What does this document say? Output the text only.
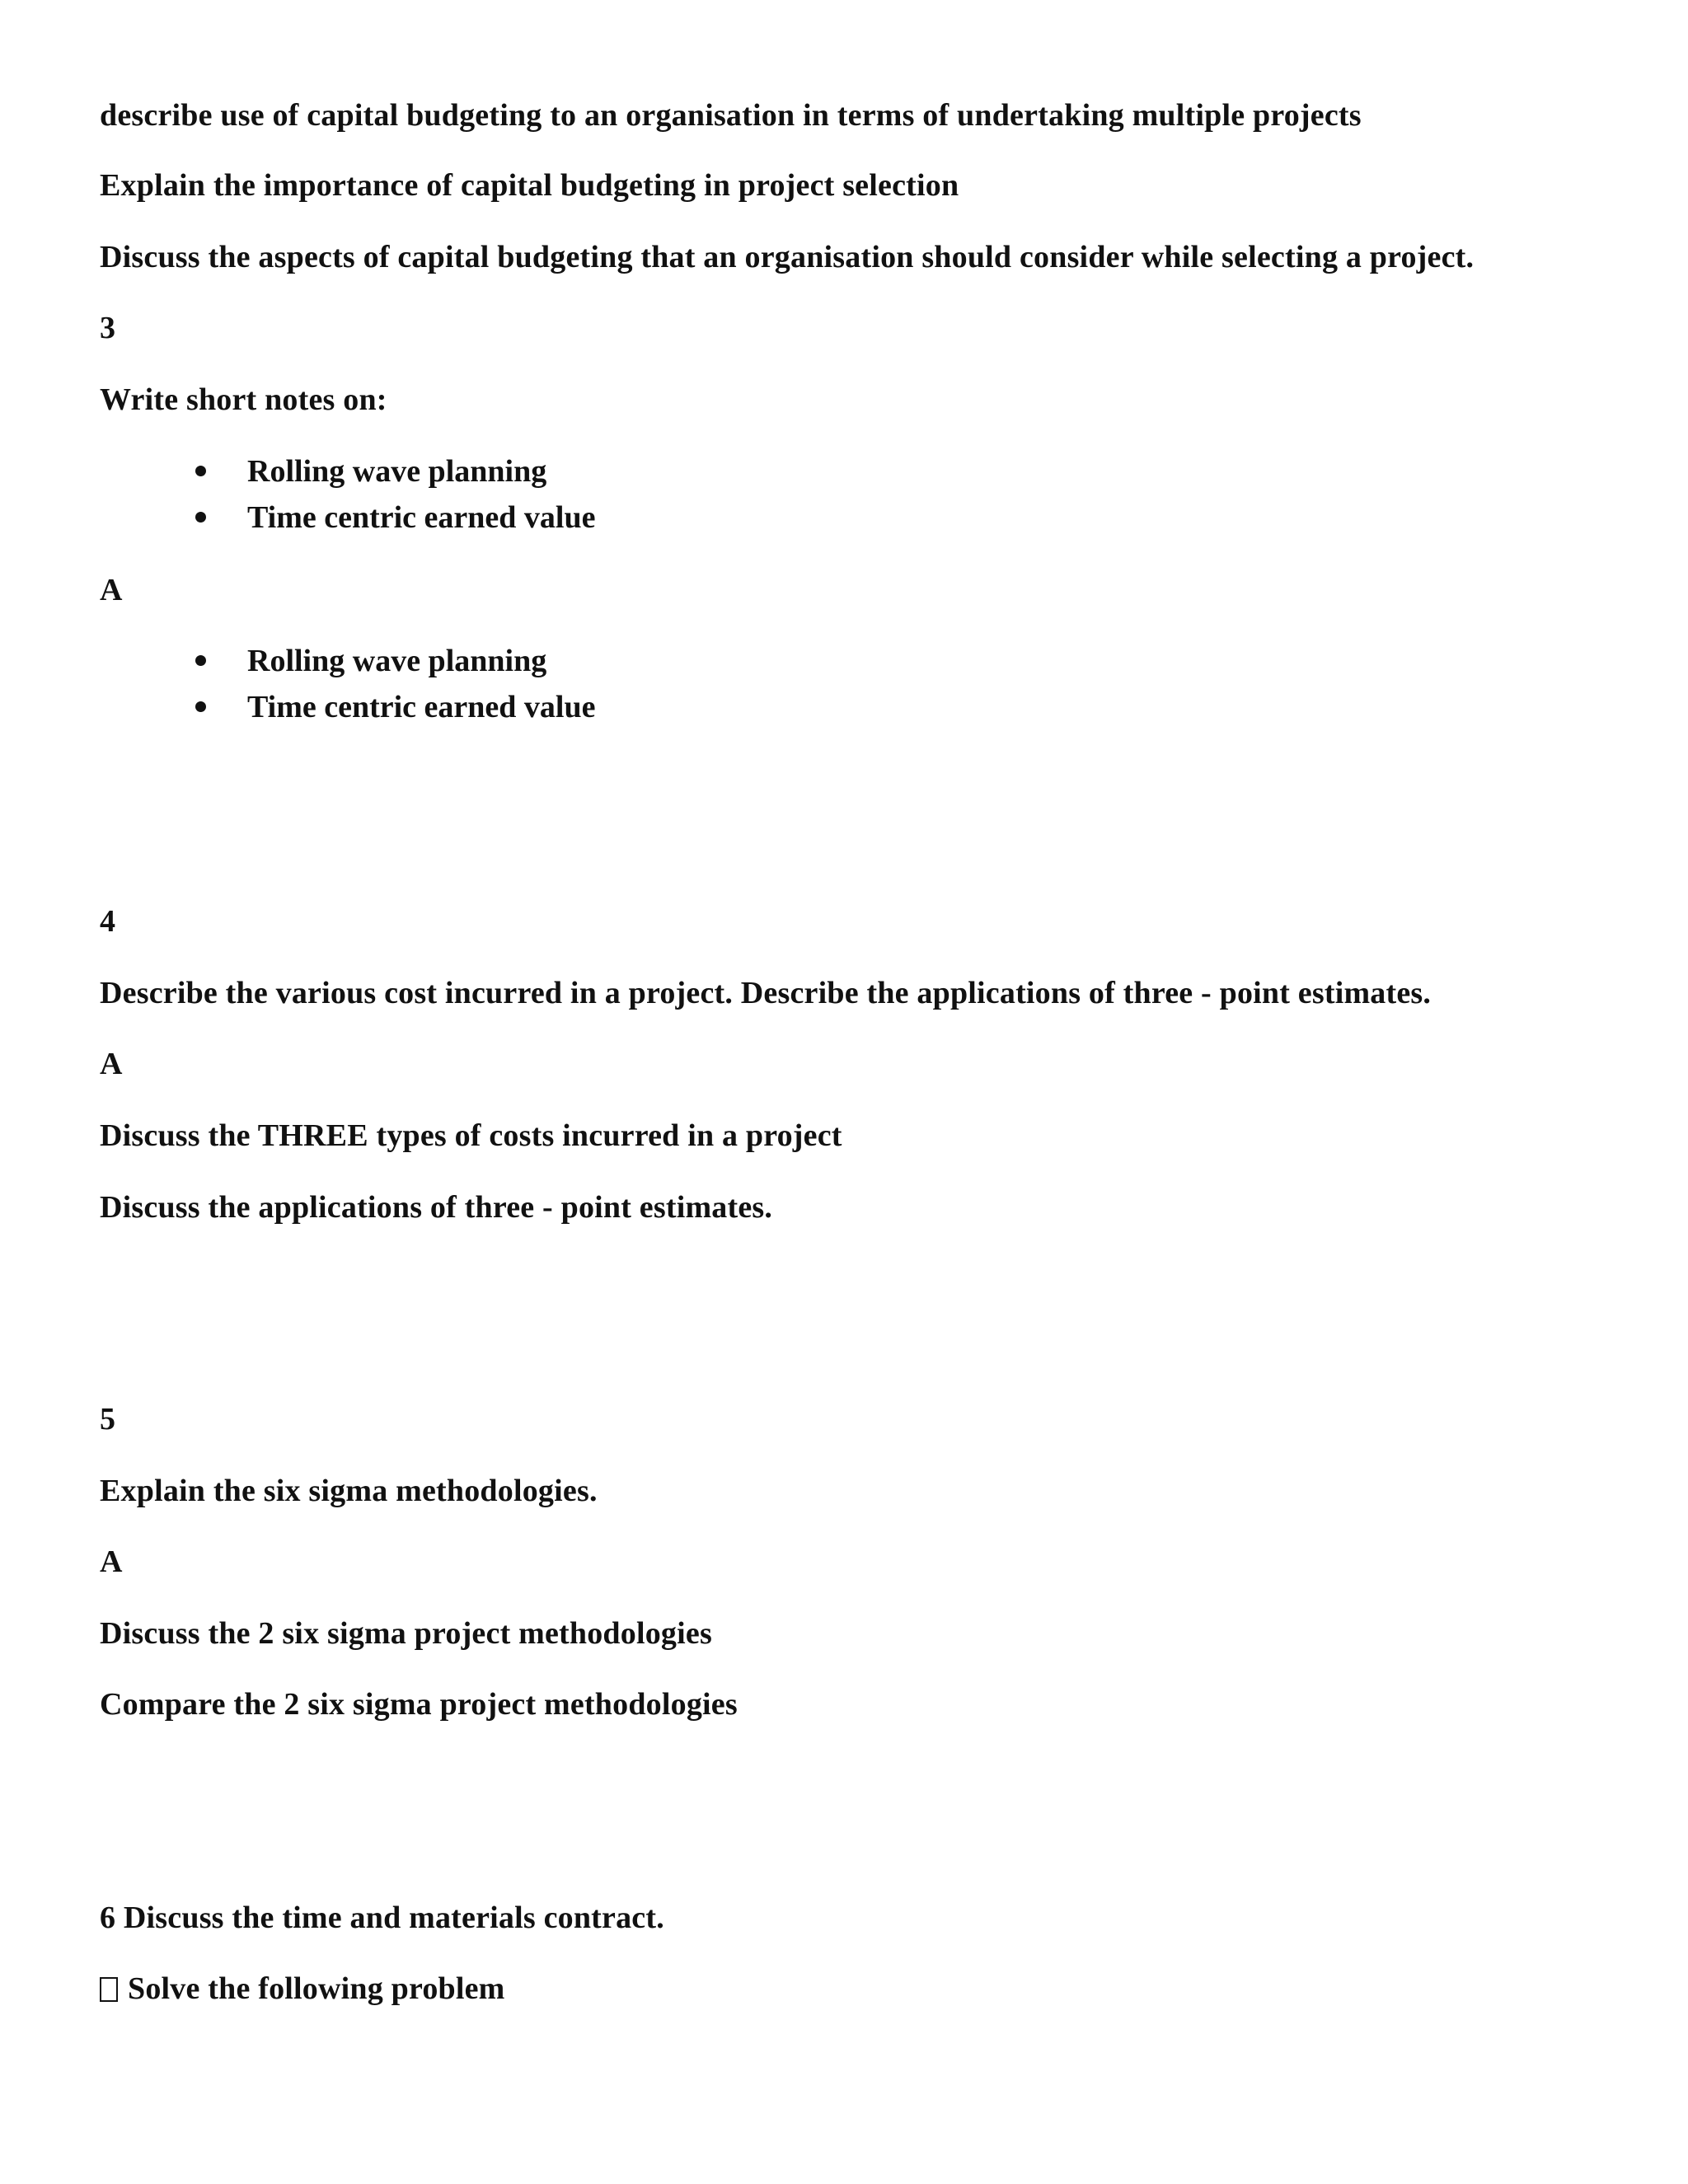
describe use of capital budgeting to an organisation in terms of undertaking multiple projects
Explain the importance of capital budgeting in project selection
Discuss the aspects of capital budgeting that an organisation should consider while selecting a project.
3
Write short notes on:
Rolling wave planning
Time centric earned value
A
Rolling wave planning
Time centric earned value
4
Describe the various cost incurred in a project. Describe the applications of three - point estimates.
A
Discuss the THREE types of costs incurred in a project
Discuss the applications of three - point estimates.
5
Explain the six sigma methodologies.
A
Discuss the 2 six sigma project methodologies
Compare the 2 six sigma project methodologies
6 Discuss the time and materials contract.
Solve the following problem
